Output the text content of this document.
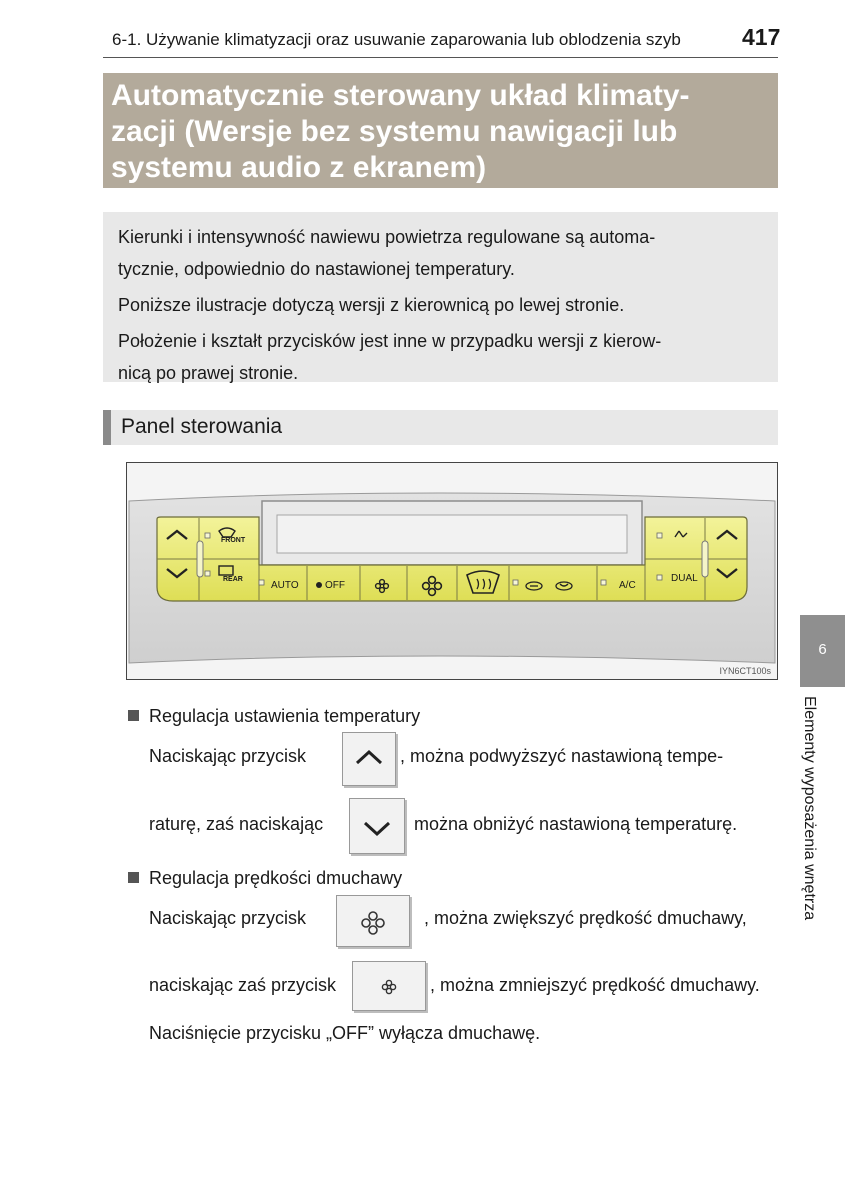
6-1. Używanie klimatyzacji oraz usuwanie zaparowania lub oblodzenia szyb	417
Automatycznie sterowany układ klimaty-
zacji (Wersje bez systemu nawigacji lub
systemu audio z ekranem)

Kierunki i intensywność nawiewu powietrza regulowane są automa-
tycznie, odpowiednio do nastawionej temperatury.

Poniższe ilustracje dotyczą wersji z kierownicą po lewej stronie.

Położenie i kształt przycisków jest inne w przypadku wersji z kierow-
nicą po prawej stronie.

Panel sterowania
FRONT
REAR
AUTO	OFF	A/C
DUAL
IYN6CT100s
Regulacja ustawienia temperatury
Naciskając przycisk	, można podwyższyć nastawioną tempe-
raturę, zaś naciskając	można obniżyć nastawioną temperaturę.
Regulacja prędkości dmuchawy
Naciskając przycisk	, można zwiększyć prędkość dmuchawy,
naciskając zaś przycisk	, można zmniejszyć prędkość dmuchawy.
Naciśnięcie przycisku „OFF” wyłącza dmuchawę.
6
Elementy wyposażenia wnętrza
